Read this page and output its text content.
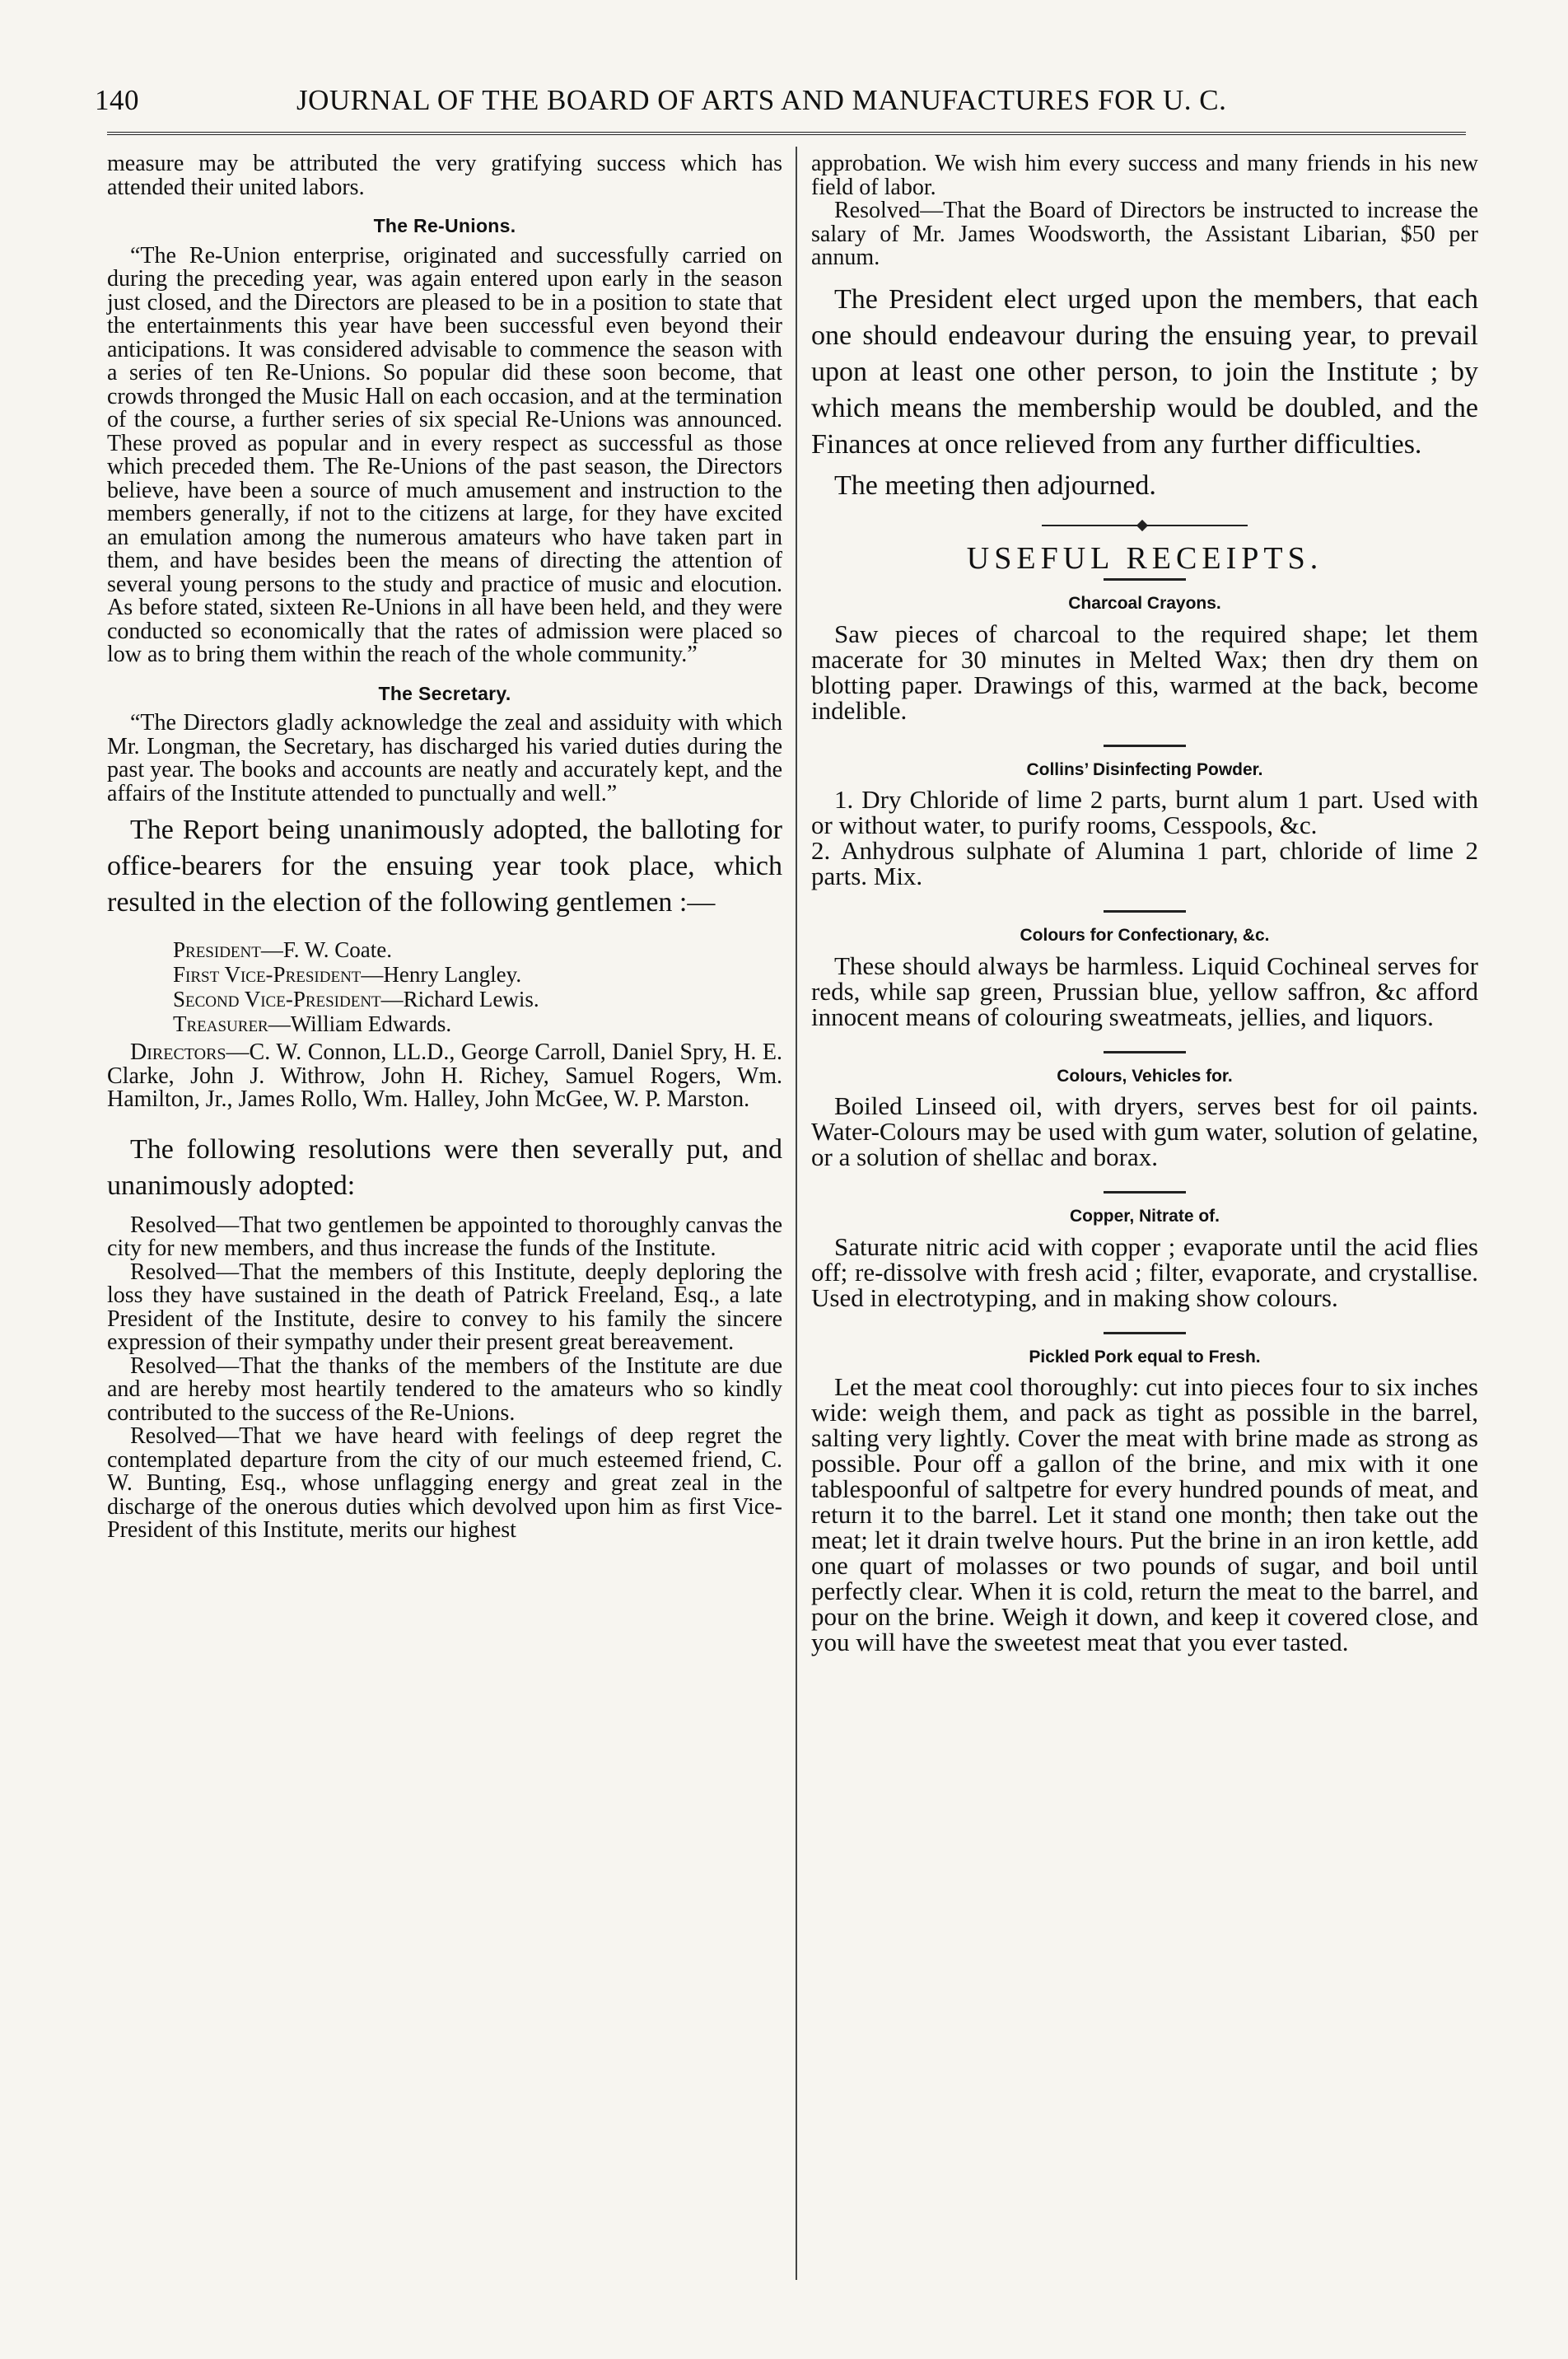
140	JOURNAL OF THE BOARD OF ARTS AND MANUFACTURES FOR U. C.

measure may be attributed the very gratifying success which has attended their united labors.

The Re-Unions.

“The Re-Union enterprise, originated and successfully carried on during the preceding year, was again entered upon early in the season just closed, and the Directors are pleased to be in a position to state that the entertainments this year have been successful even beyond their anticipations. It was considered advisable to commence the season with a series of ten Re-Unions. So popular did these soon become, that crowds thronged the Music Hall on each occasion, and at the termination of the course, a further series of six special Re-Unions was announced. These proved as popular and in every respect as successful as those which preceded them. The Re-Unions of the past season, the Directors believe, have been a source of much amusement and instruction to the members generally, if not to the citizens at large, for they have excited an emulation among the numerous amateurs who have taken part in them, and have besides been the means of directing the attention of several young persons to the study and practice of music and elocution. As before stated, sixteen Re-Unions in all have been held, and they were conducted so economically that the rates of admission were placed so low as to bring them within the reach of the whole community.”

The Secretary.

“The Directors gladly acknowledge the zeal and assiduity with which Mr. Longman, the Secretary, has discharged his varied duties during the past year. The books and accounts are neatly and accurately kept, and the affairs of the Institute attended to punctually and well.”

The Report being unanimously adopted, the balloting for office-bearers for the ensuing year took place, which resulted in the election of the following gentlemen :—

President—F. W. Coate.
First Vice-President—Henry Langley.
Second Vice-President—Richard Lewis.
Treasurer—William Edwards.

Directors—C. W. Connon, LL.D., George Carroll, Daniel Spry, H. E. Clarke, John J. Withrow, John H. Richey, Samuel Rogers, Wm. Hamilton, Jr., James Rollo, Wm. Halley, John McGee, W. P. Marston.

The following resolutions were then severally put, and unanimously adopted:

Resolved—That two gentlemen be appointed to thoroughly canvas the city for new members, and thus increase the funds of the Institute.

Resolved—That the members of this Institute, deeply deploring the loss they have sustained in the death of Patrick Freeland, Esq., a late President of the Institute, desire to convey to his family the sincere expression of their sympathy under their present great bereavement.

Resolved—That the thanks of the members of the Institute are due and are hereby most heartily tendered to the amateurs who so kindly contributed to the success of the Re-Unions.

Resolved—That we have heard with feelings of deep regret the contemplated departure from the city of our much esteemed friend, C. W. Bunting, Esq., whose unflagging energy and great zeal in the discharge of the onerous duties which devolved upon him as first Vice-President of this Institute, merits our highest

approbation. We wish him every success and many friends in his new field of labor.

Resolved—That the Board of Directors be instructed to increase the salary of Mr. James Woodsworth, the Assistant Libarian, $50 per annum.

The President elect urged upon the members, that each one should endeavour during the ensuing year, to prevail upon at least one other person, to join the Institute ; by which means the membership would be doubled, and the Finances at once relieved from any further difficulties.

The meeting then adjourned.

USEFUL RECEIPTS.
Charcoal Crayons.

Saw pieces of charcoal to the required shape; let them macerate for 30 minutes in Melted Wax; then dry them on blotting paper. Drawings of this, warmed at the back, become indelible.

Collins’ Disinfecting Powder.

1. Dry Chloride of lime 2 parts, burnt alum 1 part. Used with or without water, to purify rooms, Cesspools, &c.
2. Anhydrous sulphate of Alumina 1 part, chloride of lime 2 parts. Mix.

Colours for Confectionary, &c.

These should always be harmless. Liquid Cochineal serves for reds, while sap green, Prussian blue, yellow saffron, &c afford innocent means of colouring sweatmeats, jellies, and liquors.

Colours, Vehicles for.

Boiled Linseed oil, with dryers, serves best for oil paints. Water-Colours may be used with gum water, solution of gelatine, or a solution of shellac and borax.

Copper, Nitrate of.

Saturate nitric acid with copper ; evaporate until the acid flies off; re-dissolve with fresh acid ; filter, evaporate, and crystallise. Used in electrotyping, and in making show colours.

Pickled Pork equal to Fresh.

Let the meat cool thoroughly: cut into pieces four to six inches wide: weigh them, and pack as tight as possible in the barrel, salting very lightly. Cover the meat with brine made as strong as possible. Pour off a gallon of the brine, and mix with it one tablespoonful of saltpetre for every hundred pounds of meat, and return it to the barrel. Let it stand one month; then take out the meat; let it drain twelve hours. Put the brine in an iron kettle, add one quart of molasses or two pounds of sugar, and boil until perfectly clear. When it is cold, return the meat to the barrel, and pour on the brine. Weigh it down, and keep it covered close, and you will have the sweetest meat that you ever tasted.
